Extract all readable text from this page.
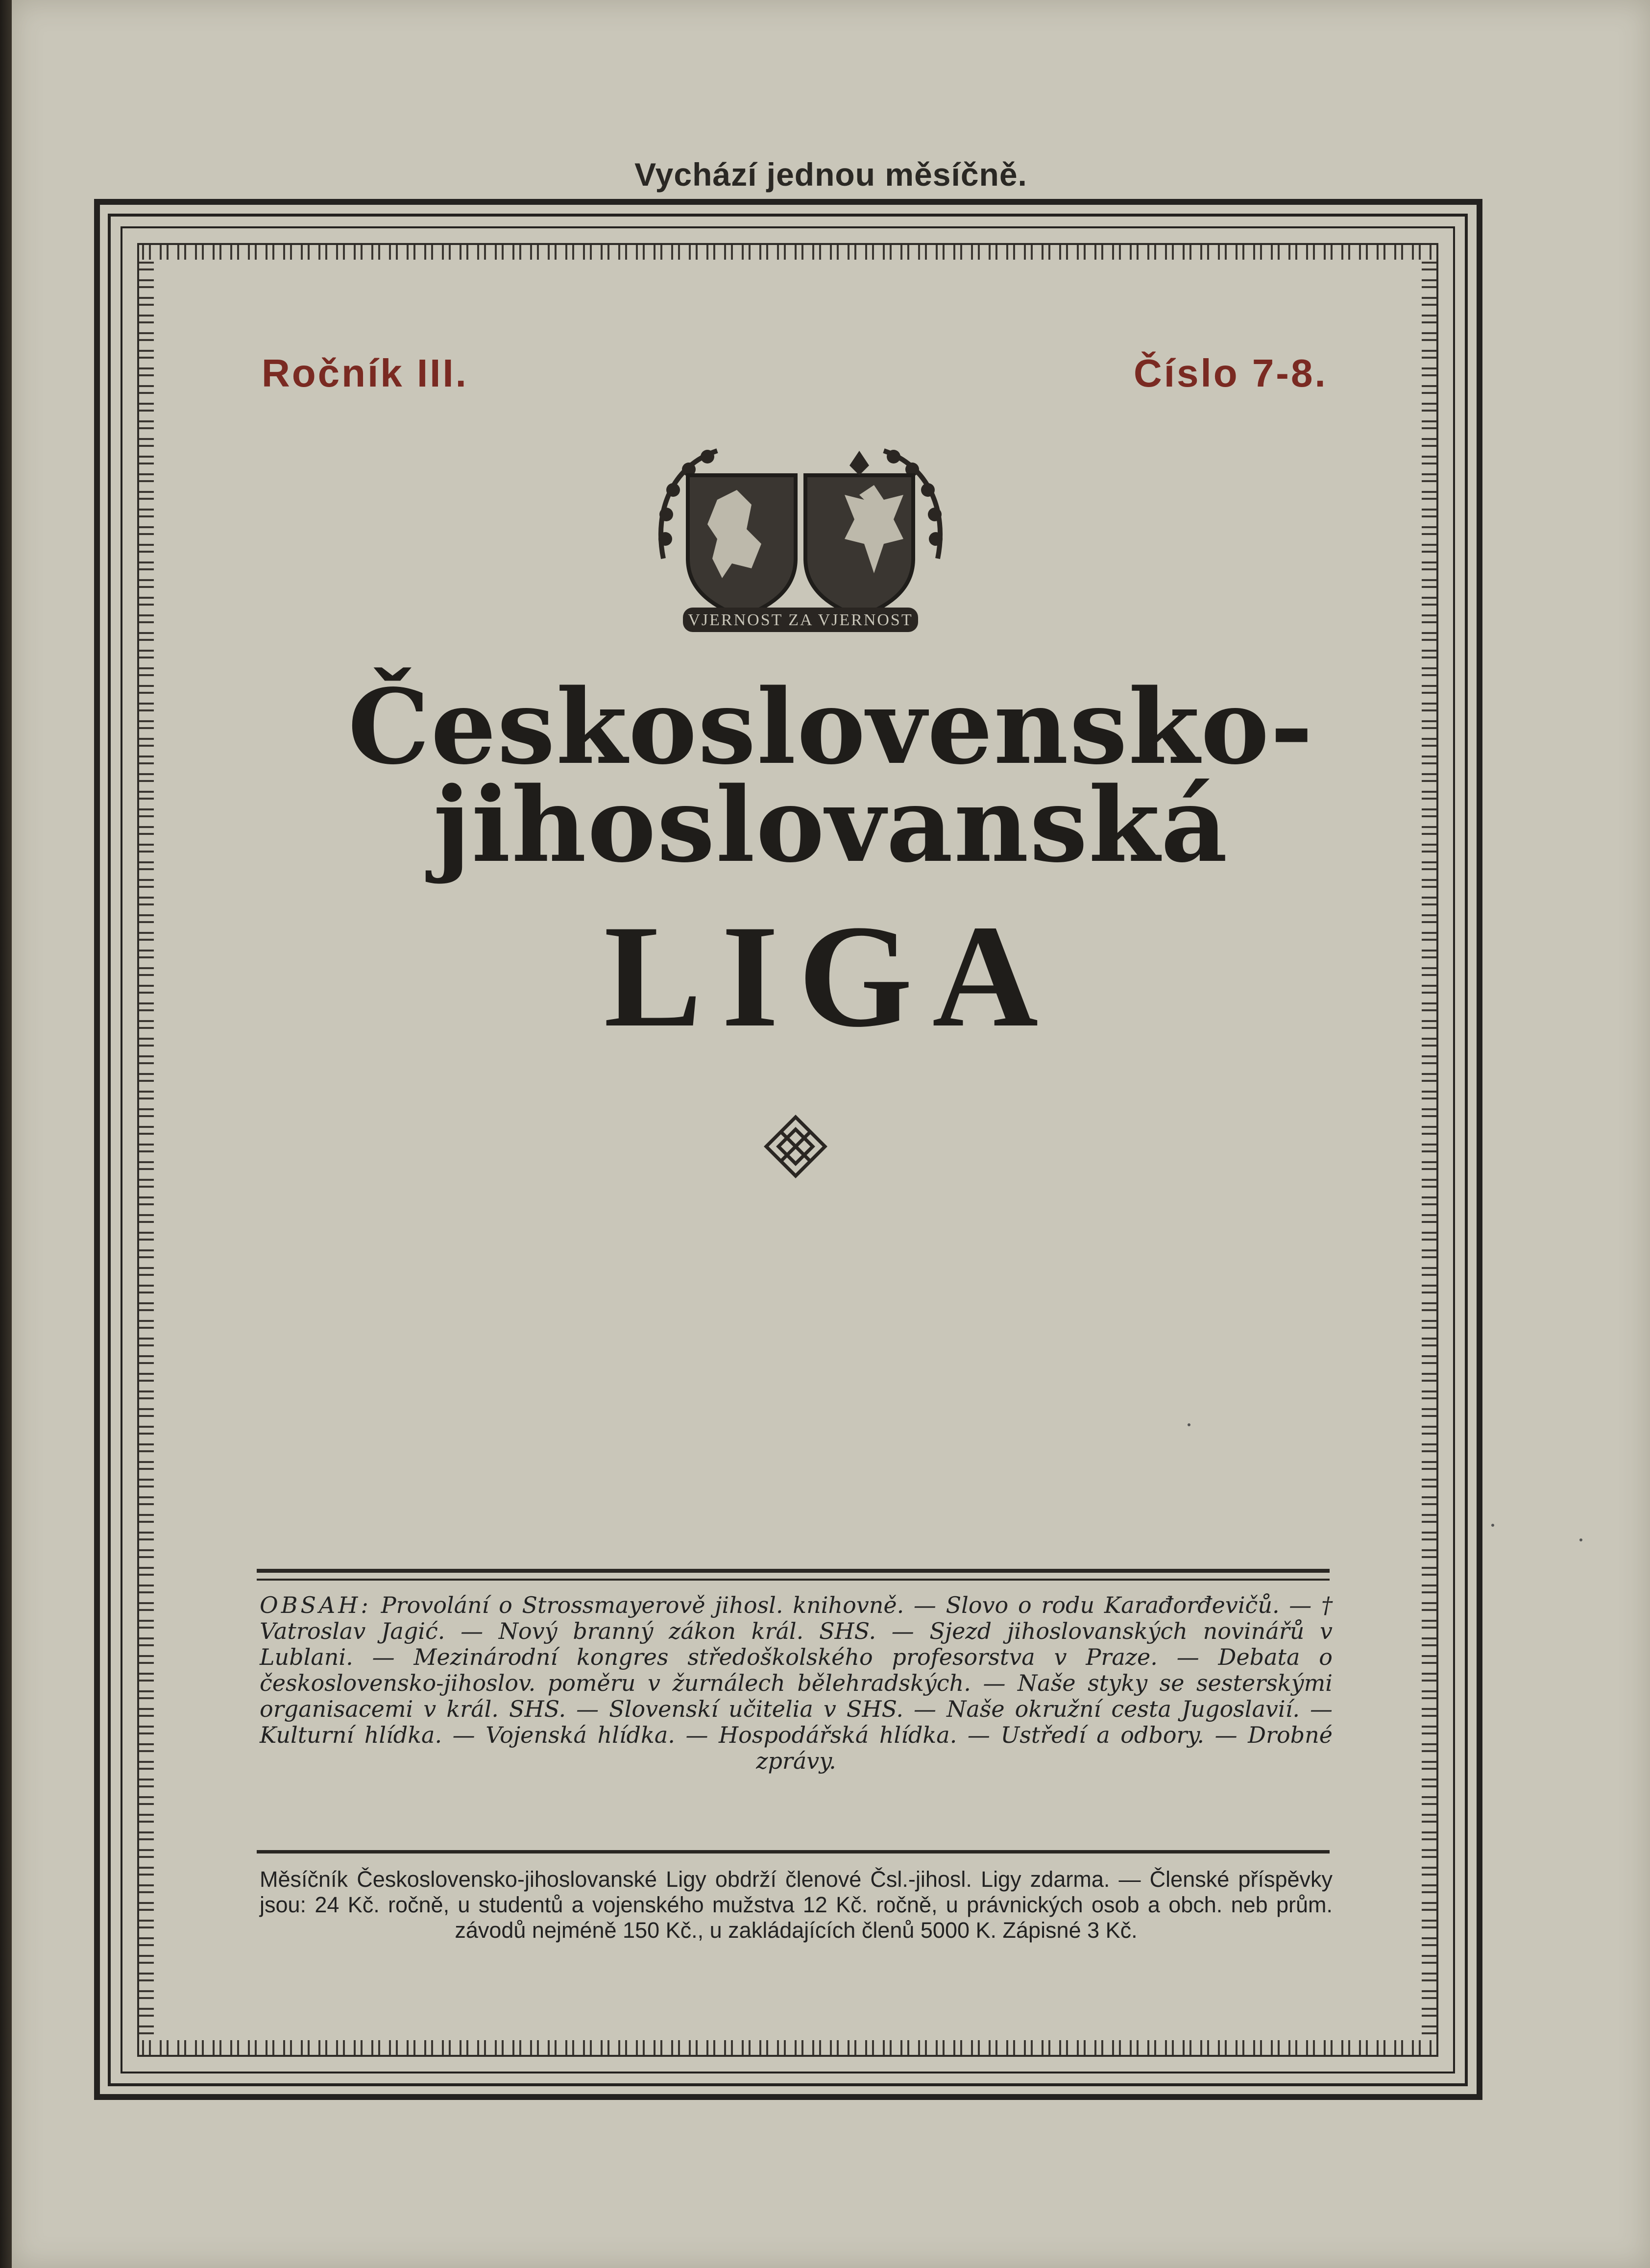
Vychází jednou měsíčně.
Ročník III.	Číslo 7-8.
VJERNOST ZA VJERNOST
Československo-
jihoslovanská
LIGA
OBSAH: Provolání o Strossmayerově jihosl. knihovně. — Slovo o rodu Karađorđevičů. — † Vatroslav Jagić. — Nový branný zákon král. SHS. — Sjezd jihoslovanských novinářů v Lublani. — Mezinárodní kongres středoškolského profesorstva v Praze. — Debata o československo-jihoslov. poměru v žurnálech bělehradských. — Naše styky se sesterskými organisacemi v král. SHS. — Slovenskí učitelia v SHS. — Naše okružní cesta Jugoslavií. — Kulturní hlídka. — Vojenská hlídka. — Hospodářská hlídka. — Ustředí a odbory. — Drobné zprávy.
Měsíčník Československo-jihoslovanské Ligy obdrží členové Čsl.-jihosl. Ligy zdarma. — Členské příspěvky jsou: 24 Kč. ročně, u studentů a vojenského mužstva 12 Kč. ročně, u právnických osob a obch. neb prům. závodů nejméně 150 Kč., u zakládajících členů 5000 K. Zápisné 3 Kč.
